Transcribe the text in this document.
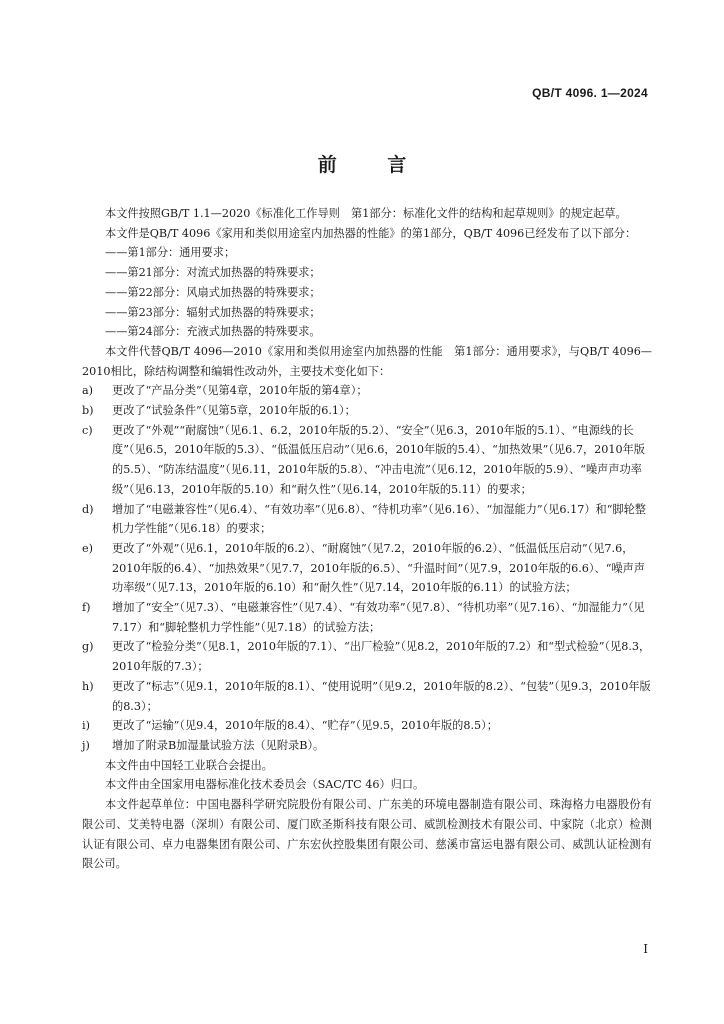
QB/T 4096. 1—2024
前 言

本文件按照GB/T 1.1—2020《标准化工作导则　第1部分：标准化文件的结构和起草规则》的规定起草。

本文件是QB/T 4096《家用和类似用途室内加热器的性能》的第1部分，QB/T 4096已经发布了以下部分：

——第1部分：通用要求；

——第21部分：对流式加热器的特殊要求；

——第22部分：风扇式加热器的特殊要求；

——第23部分：辐射式加热器的特殊要求；

——第24部分：充液式加热器的特殊要求。

本文件代替QB/T 4096—2010《家用和类似用途室内加热器的性能　第1部分：通用要求》，与QB/T 4096—2010相比，除结构调整和编辑性改动外，主要技术变化如下：

a)	更改了“产品分类”（见第4章，2010年版的第4章）；
b)	更改了“试验条件”（见第5章，2010年版的6.1）；
c)	更改了“外观”“耐腐蚀”（见6.1、6.2，2010年版的5.2）、“安全”（见6.3，2010年版的5.1）、“电源线的长度”（见6.5，2010年版的5.3）、“低温低压启动”（见6.6，2010年版的5.4）、“加热效果”（见6.7，2010年版的5.5）、“防冻结温度”（见6.11，2010年版的5.8）、“冲击电流”（见6.12，2010年版的5.9）、“噪声声功率级”（见6.13，2010年版的5.10）和“耐久性”（见6.14，2010年版的5.11）的要求；
d)	增加了“电磁兼容性”（见6.4）、“有效功率”（见6.8）、“待机功率”（见6.16）、“加湿能力”（见6.17）和“脚轮整机力学性能”（见6.18）的要求；
e)	更改了“外观”（见6.1，2010年版的6.2）、“耐腐蚀”（见7.2，2010年版的6.2）、“低温低压启动”（见7.6，2010年版的6.4）、“加热效果”（见7.7，2010年版的6.5）、“升温时间”（见7.9，2010年版的6.6）、“噪声声功率级”（见7.13，2010年版的6.10）和“耐久性”（见7.14，2010年版的6.11）的试验方法；
f)	增加了“安全”（见7.3）、“电磁兼容性”（见7.4）、“有效功率”（见7.8）、“待机功率”（见7.16）、“加湿能力”（见7.17）和“脚轮整机力学性能”（见7.18）的试验方法；
g)	更改了“检验分类”（见8.1，2010年版的7.1）、“出厂检验”（见8.2，2010年版的7.2）和“型式检验”（见8.3，2010年版的7.3）；
h)	更改了“标志”（见9.1，2010年版的8.1）、“使用说明”（见9.2，2010年版的8.2）、“包装”（见9.3，2010年版的8.3）；
i)	更改了“运输”（见9.4，2010年版的8.4）、“贮存”（见9.5，2010年版的8.5）；
j)	增加了附录B加湿量试验方法（见附录B）。

本文件由中国轻工业联合会提出。

本文件由全国家用电器标准化技术委员会（SAC/TC 46）归口。

本文件起草单位：中国电器科学研究院股份有限公司、广东美的环境电器制造有限公司、珠海格力电器股份有限公司、艾美特电器（深圳）有限公司、厦门欧圣斯科技有限公司、威凯检测技术有限公司、中家院（北京）检测认证有限公司、卓力电器集团有限公司、广东宏伙控股集团有限公司、慈溪市富运电器有限公司、威凯认证检测有限公司。

I
